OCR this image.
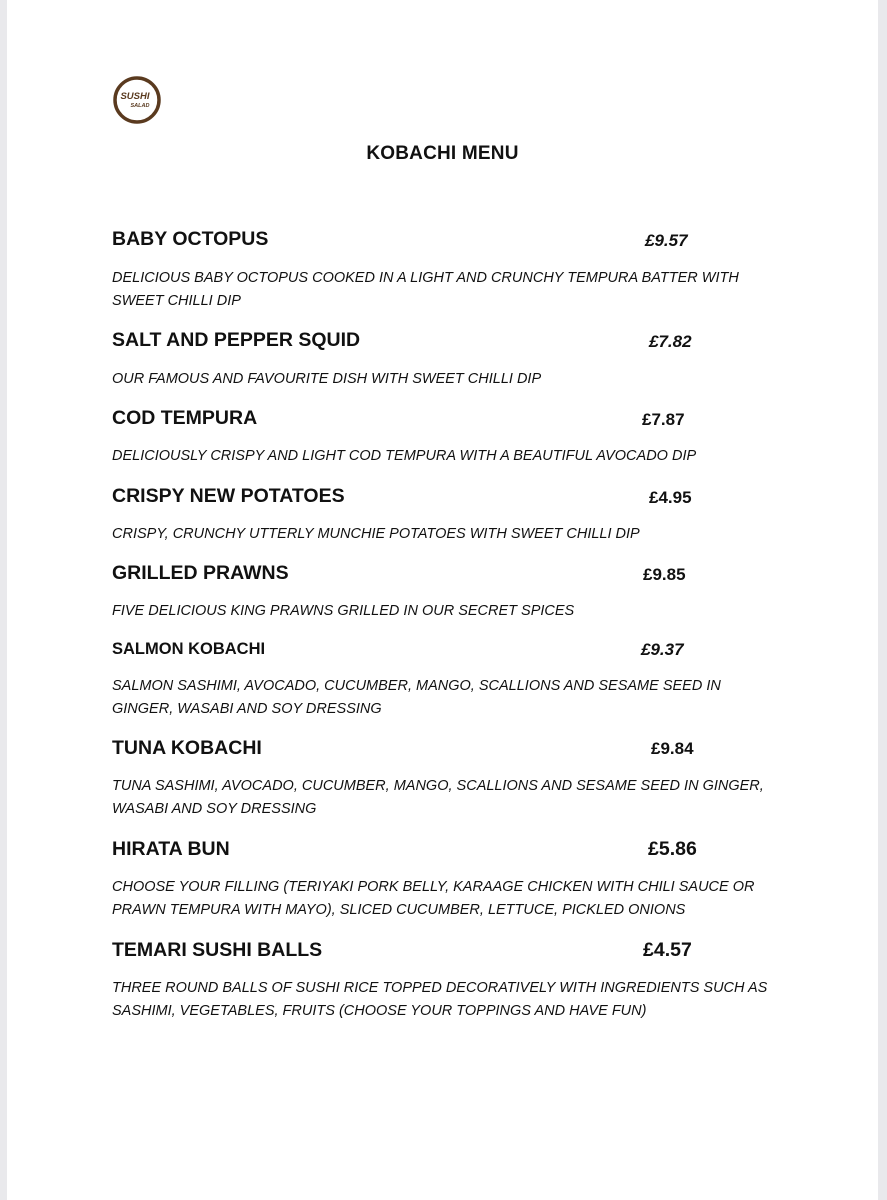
SUSHI
SALAD
KOBACHI MENU
BABY OCTOPUS	£9.57
DELICIOUS BABY OCTOPUS COOKED IN A LIGHT AND CRUNCHY TEMPURA BATTER WITH
SWEET CHILLI DIP
SALT AND PEPPER SQUID	£7.82
OUR FAMOUS AND FAVOURITE DISH WITH SWEET CHILLI DIP
COD TEMPURA	£7.87
DELICIOUSLY CRISPY AND LIGHT COD TEMPURA WITH A BEAUTIFUL AVOCADO DIP
CRISPY NEW POTATOES	£4.95
CRISPY, CRUNCHY UTTERLY MUNCHIE POTATOES WITH SWEET CHILLI DIP
GRILLED PRAWNS	£9.85
FIVE DELICIOUS KING PRAWNS GRILLED IN OUR SECRET SPICES
SALMON KOBACHI	£9.37
SALMON SASHIMI, AVOCADO, CUCUMBER, MANGO, SCALLIONS AND SESAME SEED IN
GINGER, WASABI AND SOY DRESSING
TUNA KOBACHI	£9.84
TUNA SASHIMI, AVOCADO, CUCUMBER, MANGO, SCALLIONS AND SESAME SEED IN GINGER,
WASABI AND SOY DRESSING
HIRATA BUN	£5.86
CHOOSE YOUR FILLING (TERIYAKI PORK BELLY, KARAAGE CHICKEN WITH CHILI SAUCE OR
PRAWN TEMPURA WITH MAYO), SLICED CUCUMBER, LETTUCE, PICKLED ONIONS
TEMARI SUSHI BALLS	£4.57
THREE ROUND BALLS OF SUSHI RICE TOPPED DECORATIVELY WITH INGREDIENTS SUCH AS
SASHIMI, VEGETABLES, FRUITS (CHOOSE YOUR TOPPINGS AND HAVE FUN)
